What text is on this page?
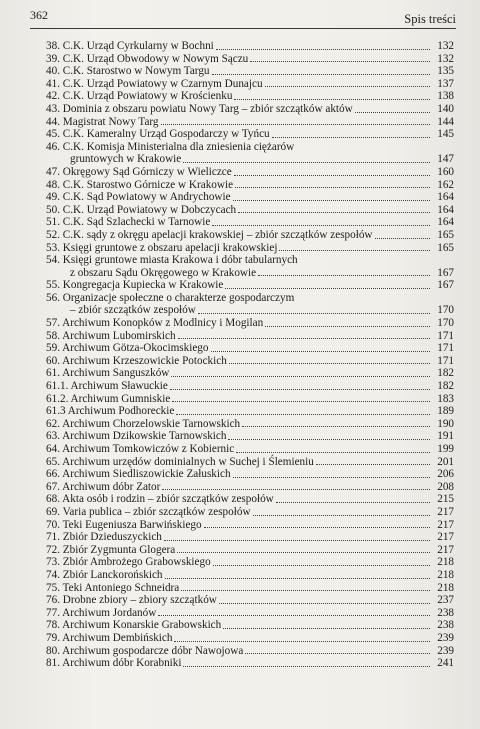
362	Spis treści
38. C.K. Urząd Cyrkularny w Bochni	132
39. C.K. Urząd Obwodowy w Nowym Sączu	132
40. C.K. Starostwo w Nowym Targu	135
41. C.K. Urząd Powiatowy w Czarnym Dunajcu	137
42. C.K. Urząd Powiatowy w Krościenku	138
43. Dominia z obszaru powiatu Nowy Targ – zbiór szczątków aktów	140
44. Magistrat Nowy Targ	144
45. C.K. Kameralny Urząd Gospodarczy w Tyńcu	145
46. C.K. Komisja Ministerialna dla zniesienia ciężarów
gruntowych w Krakowie	147
47. Okręgowy Sąd Górniczy w Wieliczce	160
48. C.K. Starostwo Górnicze w Krakowie	162
49. C.K. Sąd Powiatowy w Andrychowie	164
50. C.K. Urząd Powiatowy w Dobczycach	164
51. C.K. Sąd Szlachecki w Tarnowie	164
52. C.K. sądy z okręgu apelacji krakowskiej – zbiór szczątków zespołów	165
53. Księgi gruntowe z obszaru apelacji krakowskiej	165
54. Księgi gruntowe miasta Krakowa i dóbr tabularnych
z obszaru Sądu Okręgowego w Krakowie	167
55. Kongregacja Kupiecka w Krakowie	167
56. Organizacje społeczne o charakterze gospodarczym
– zbiór szczątków zespołów	170
57. Archiwum Konopków z Modlnicy i Mogilan	170
58. Archiwum Lubomirskich	171
59. Archiwum Götza-Okocimskiego	171
60. Archiwum Krzeszowickie Potockich	171
61. Archiwum Sanguszków	182
61.1. Archiwum Sławuckie	182
61.2. Archiwum Gumniskie	183
61.3 Archiwum Podhoreckie	189
62. Archiwum Chorzelowskie Tarnowskich	190
63. Archiwum Dzikowskie Tarnowskich	191
64. Archiwum Tomkowiczów z Kobiernic	199
65. Archiwum urzędów dominialnych w Suchej i Ślemieniu	201
66. Archiwum Siedliszowickie Załuskich	206
67. Archiwum dóbr Zator	208
68. Akta osób i rodzin – zbiór szczątków zespołów	215
69. Varia publica – zbiór szczątków zespołów	217
70. Teki Eugeniusza Barwińskiego	217
71. Zbiór Dzieduszyckich	217
72. Zbiór Zygmunta Glogera	217
73. Zbiór Ambrożego Grabowskiego	218
74. Zbiór Lanckorońskich	218
75. Teki Antoniego Schneidra	218
76. Drobne zbiory – zbiory szczątków	237
77. Archiwum Jordanów	238
78. Archiwum Konarskie Grabowskich	238
79. Archiwum Dembińskich	239
80. Archiwum gospodarcze dóbr Nawojowa	239
81. Archiwum dóbr Korabniki	241
